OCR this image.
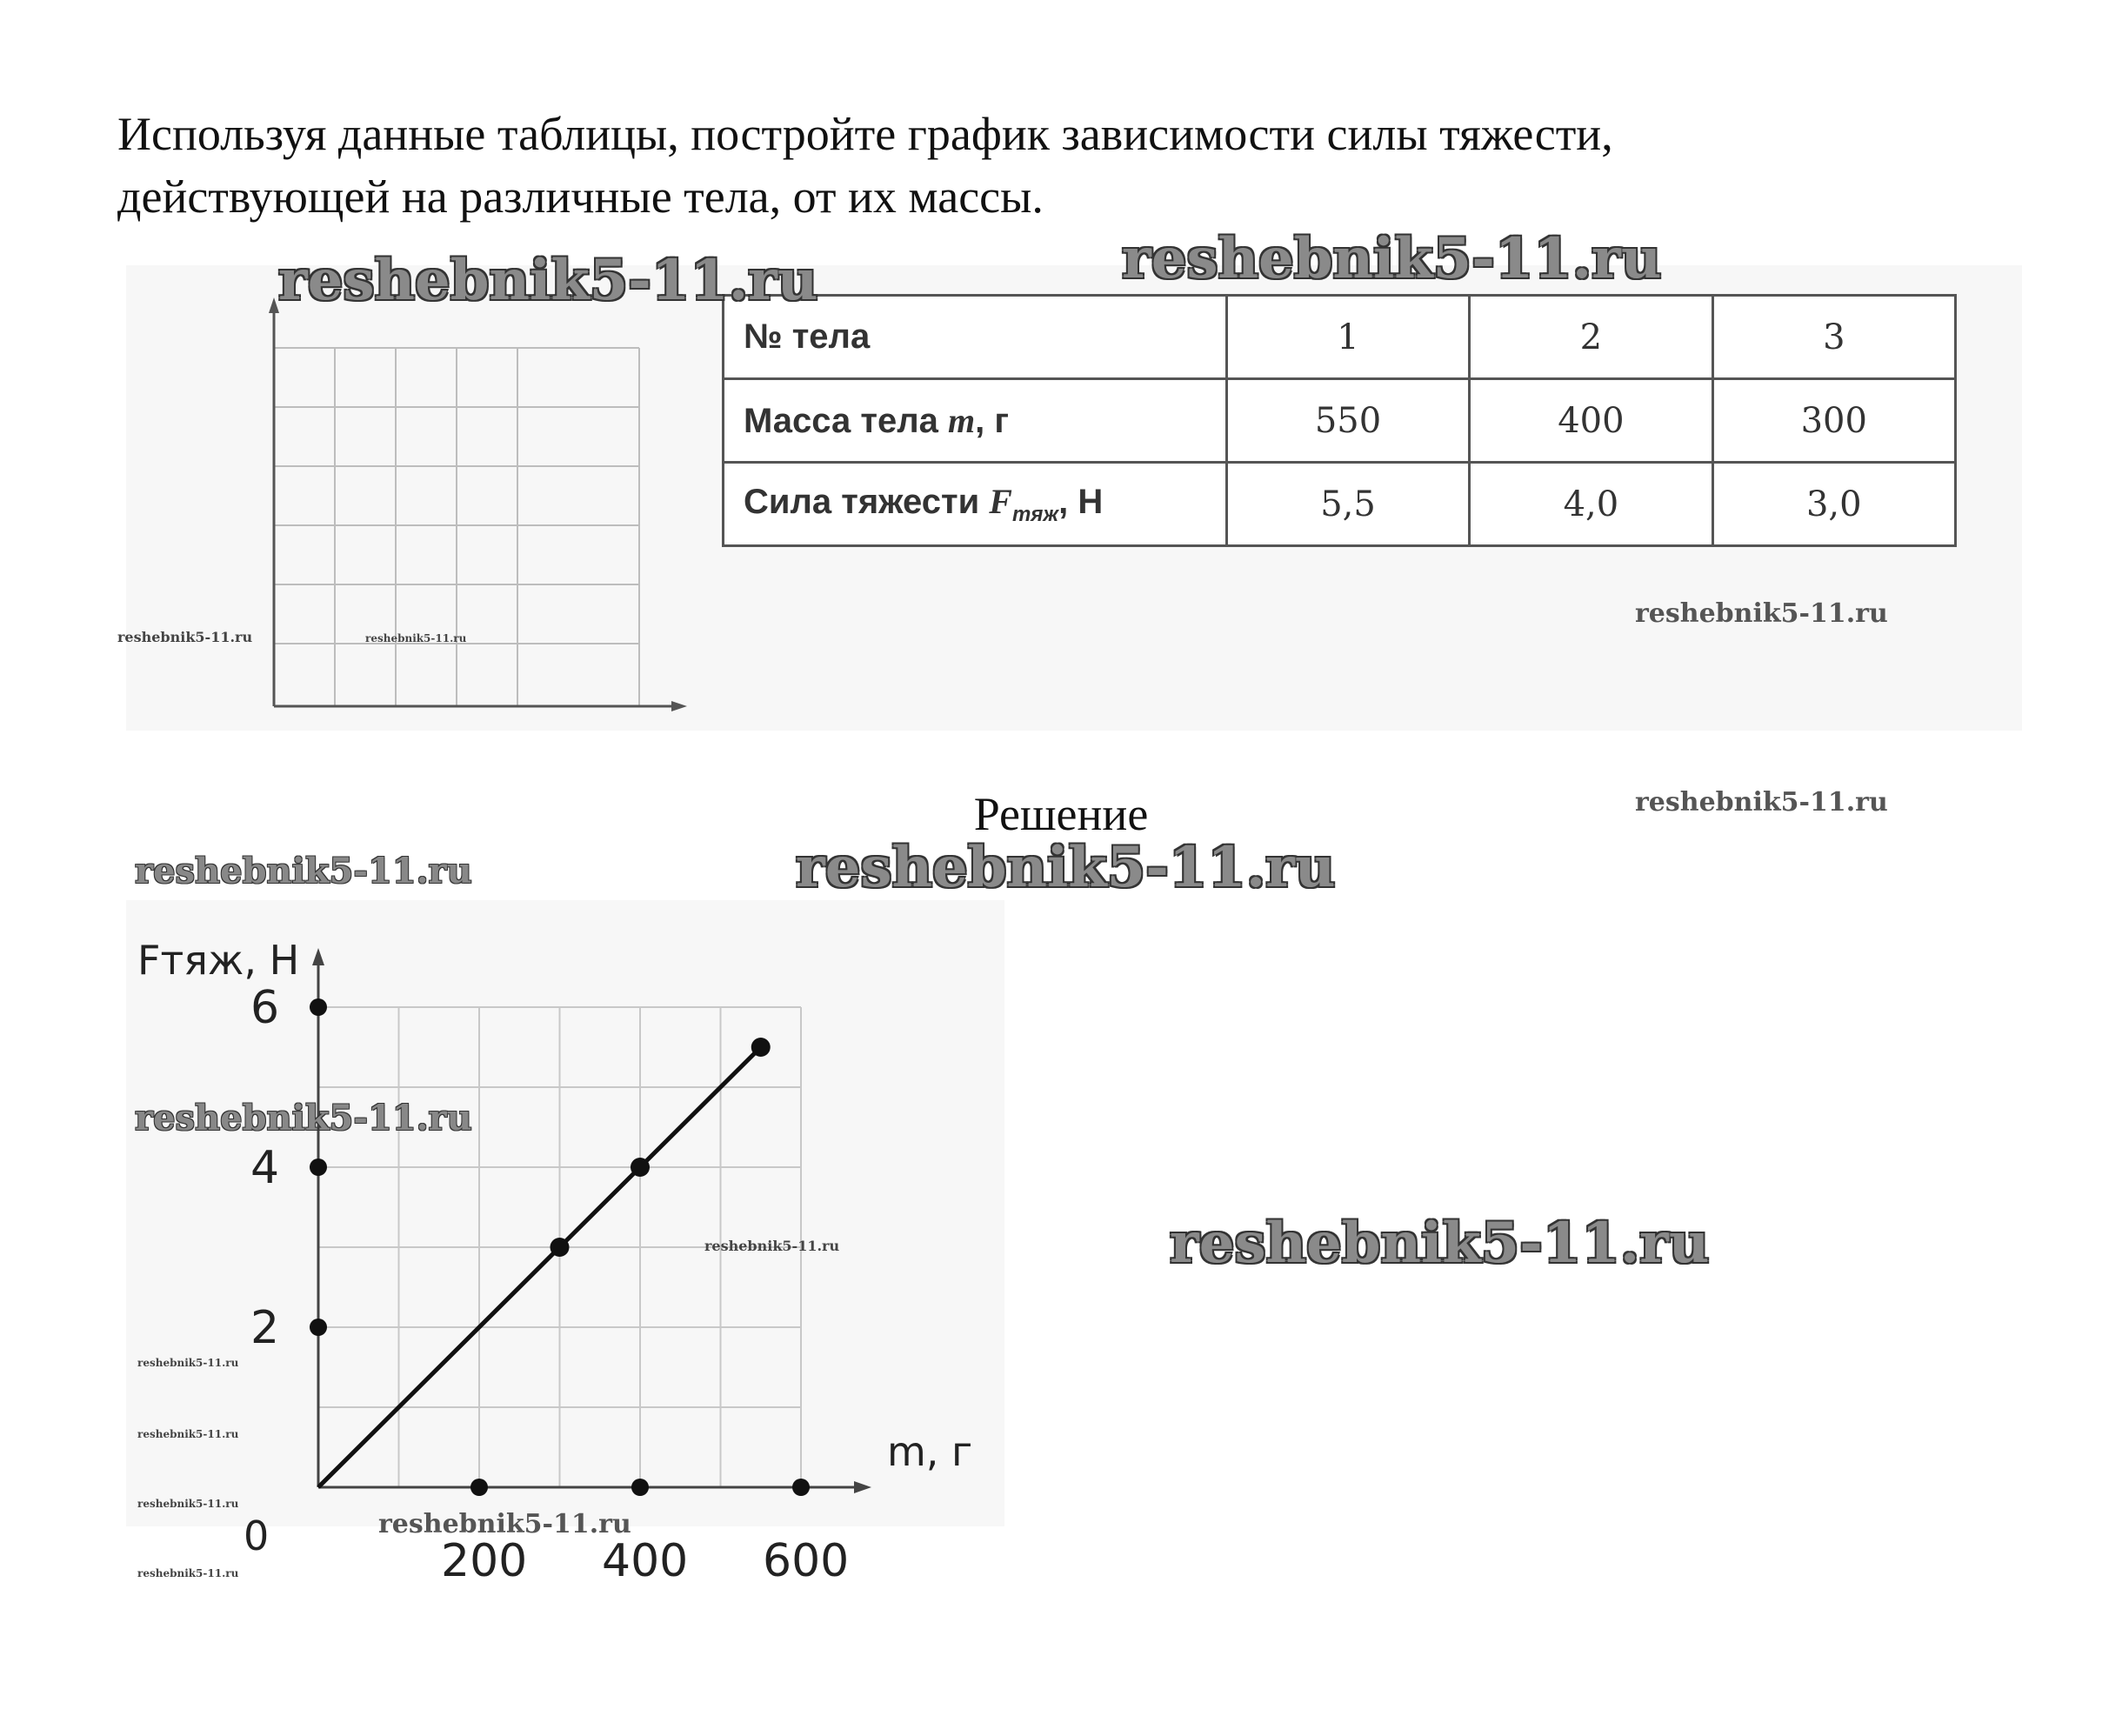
Используя данные таблицы, постройте график зависимости силы тяжести,

действующей на различные тела, от их массы.

№ тела	1	2	3
Масса тела m, г	550	400	300
Сила тяжести $F_{тяж}$, Н	5,5	4,0	3,0
Решение
Fтяж, Н
m, г
0	200 400 600
2
4
6
reshebnik5-11.ru	reshebnik5-11.ru
reshebnik5-11.ru
reshebnik5-11.ru	reshebnik5-11.ru
reshebnik5-11.ru
reshebnik5-11.ru	reshebnik5-11.ru
reshebnik5-11.ru
reshebnik5-11.ru	reshebnik5-11.ru
reshebnik5-11.ru
reshebnik5-11.ru
reshebnik5-11.ru
reshebnik5-11.ru
reshebnik5-11.ru
